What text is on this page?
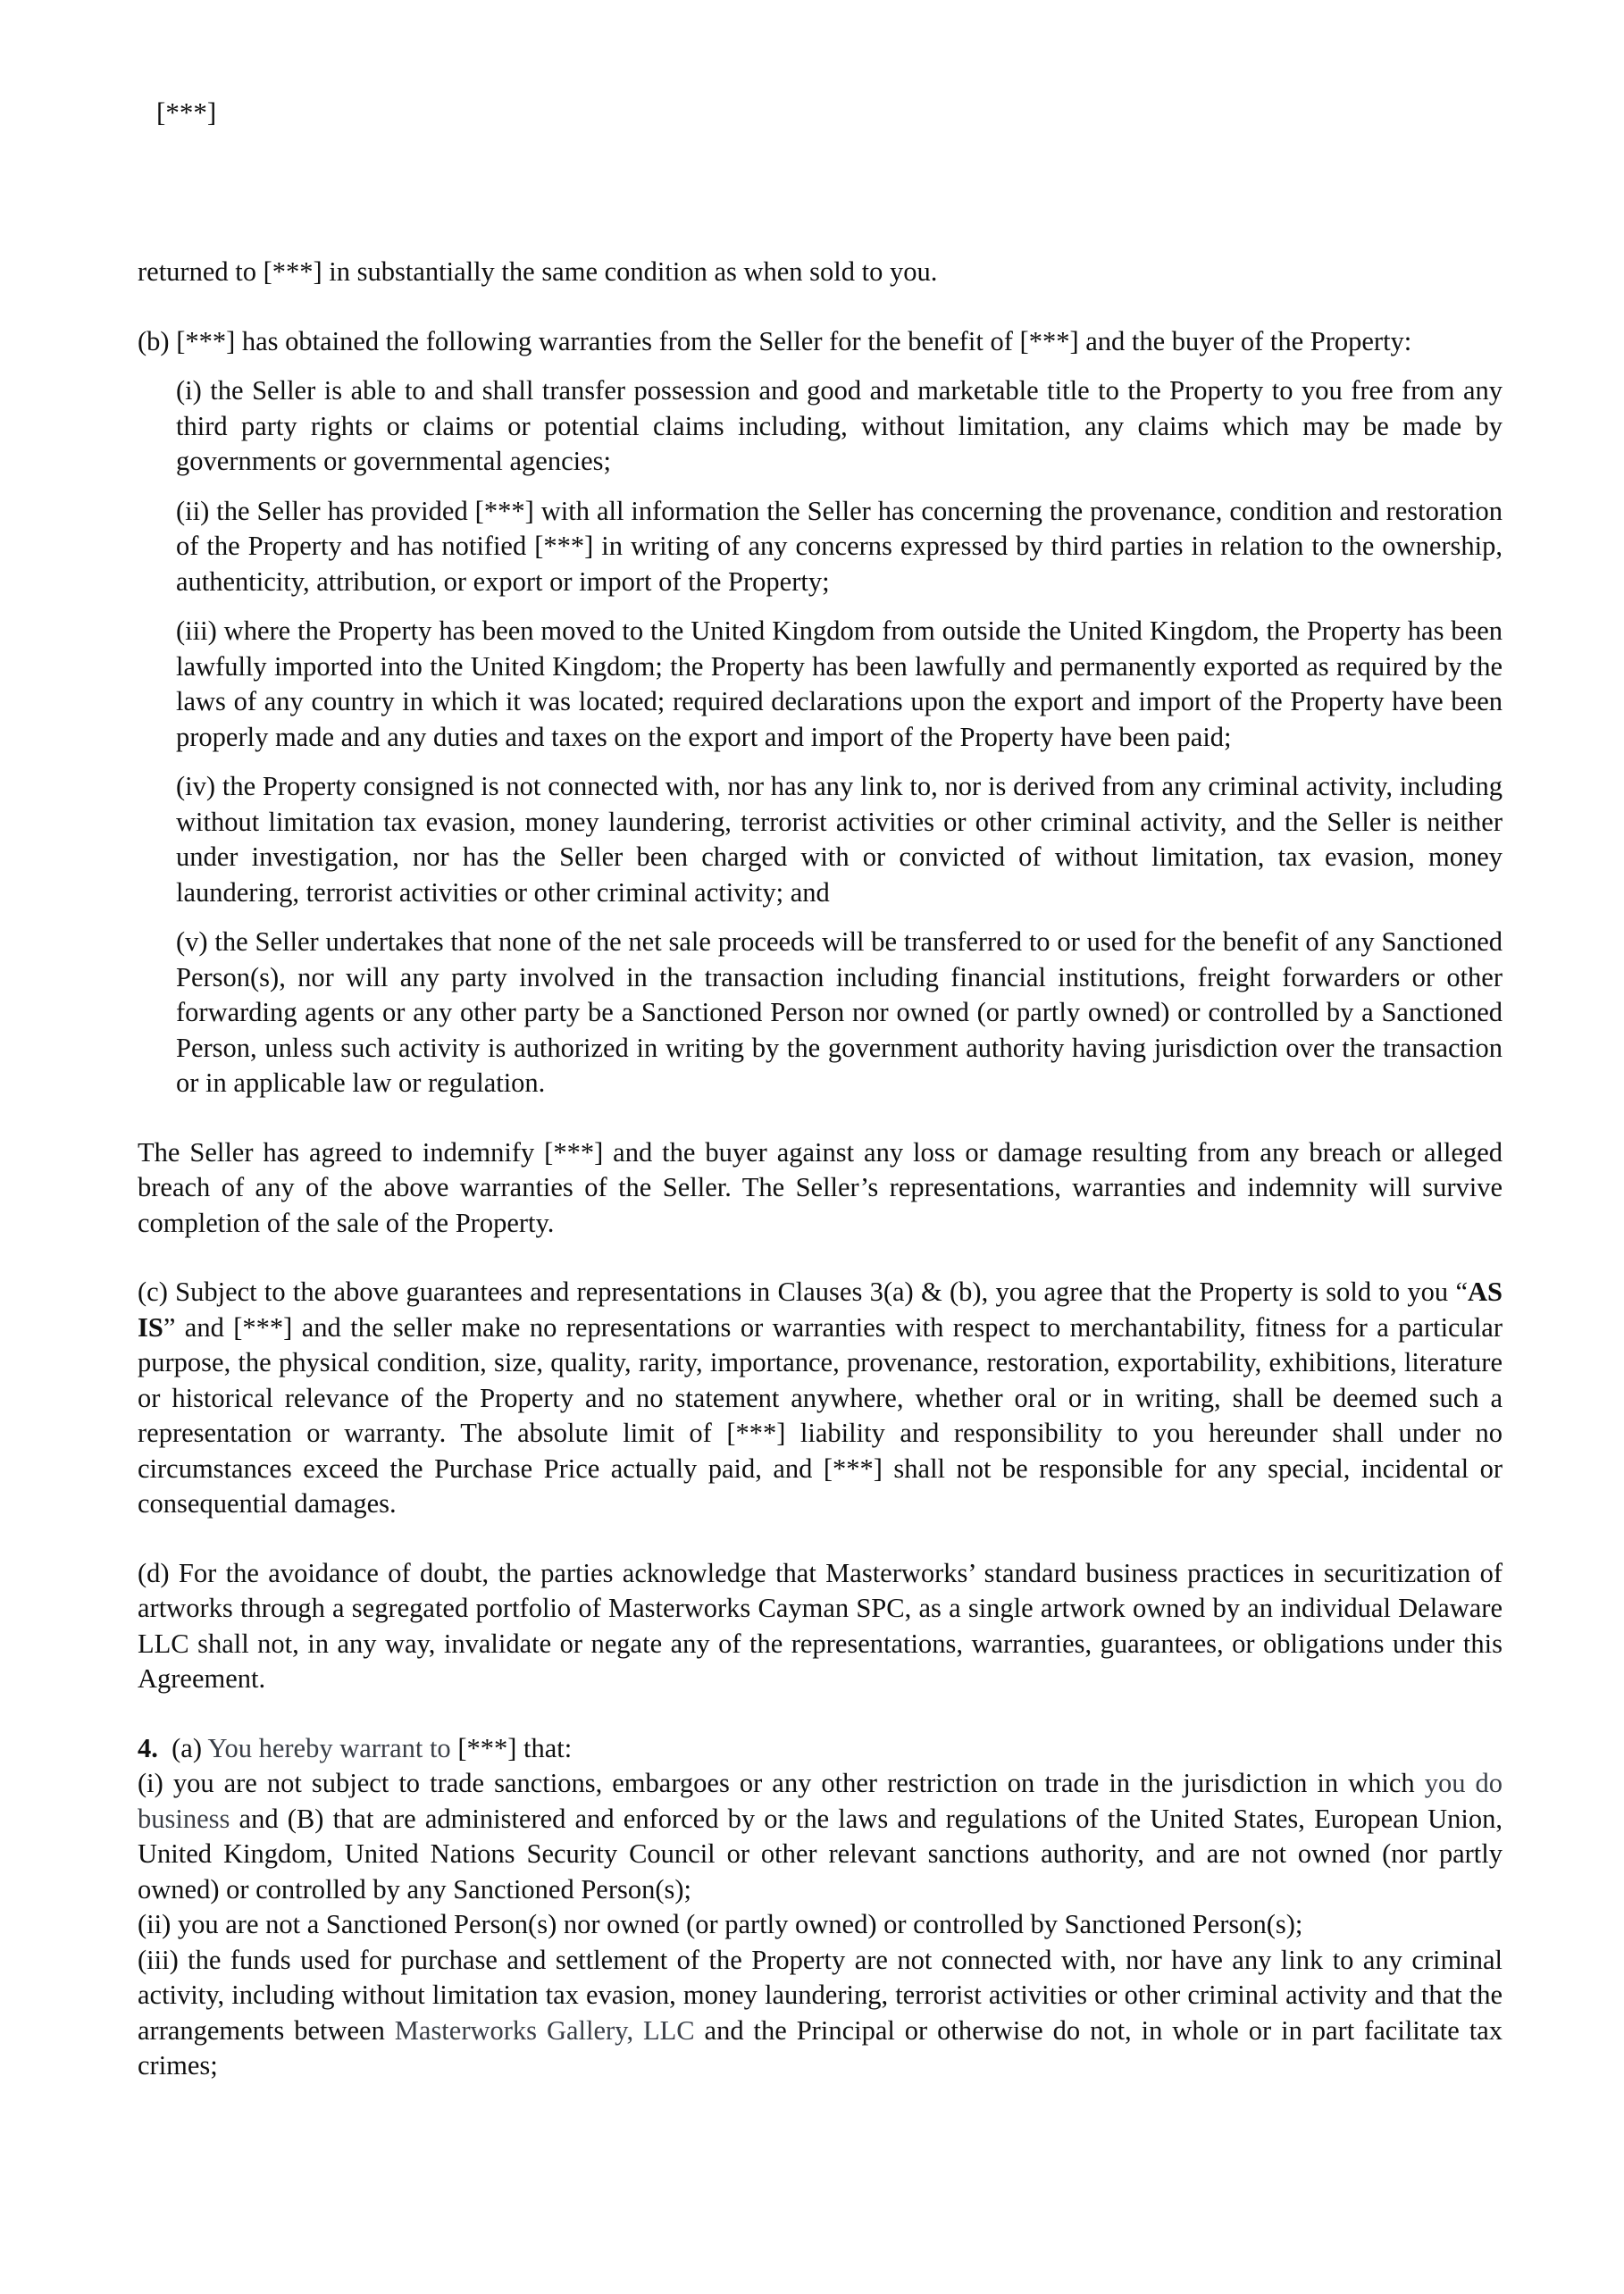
[***]

returned to [***] in substantially the same condition as when sold to you.

(b) [***] has obtained the following warranties from the Seller for the benefit of [***] and the buyer of the Property:

(i) the Seller is able to and shall transfer possession and good and marketable title to the Property to you free from any third party rights or claims or potential claims including, without limitation, any claims which may be made by governments or governmental agencies;

(ii) the Seller has provided [***] with all information the Seller has concerning the provenance, condition and restoration of the Property and has notified [***] in writing of any concerns expressed by third parties in relation to the ownership, authenticity, attribution, or export or import of the Property;

(iii) where the Property has been moved to the United Kingdom from outside the United Kingdom, the Property has been lawfully imported into the United Kingdom; the Property has been lawfully and permanently exported as required by the laws of any country in which it was located; required declarations upon the export and import of the Property have been properly made and any duties and taxes on the export and import of the Property have been paid;

(iv) the Property consigned is not connected with, nor has any link to, nor is derived from any criminal activity, including without limitation tax evasion, money laundering, terrorist activities or other criminal activity, and the Seller is neither under investigation, nor has the Seller been charged with or convicted of without limitation, tax evasion, money laundering, terrorist activities or other criminal activity; and

(v) the Seller undertakes that none of the net sale proceeds will be transferred to or used for the benefit of any Sanctioned Person(s), nor will any party involved in the transaction including financial institutions, freight forwarders or other forwarding agents or any other party be a Sanctioned Person nor owned (or partly owned) or controlled by a Sanctioned Person, unless such activity is authorized in writing by the government authority having jurisdiction over the transaction or in applicable law or regulation.

The Seller has agreed to indemnify [***] and the buyer against any loss or damage resulting from any breach or alleged breach of any of the above warranties of the Seller. The Seller’s representations, warranties and indemnity will survive completion of the sale of the Property.

(c) Subject to the above guarantees and representations in Clauses 3(a) & (b), you agree that the Property is sold to you “AS IS” and [***] and the seller make no representations or warranties with respect to merchantability, fitness for a particular purpose, the physical condition, size, quality, rarity, importance, provenance, restoration, exportability, exhibitions, literature or historical relevance of the Property and no statement anywhere, whether oral or in writing, shall be deemed such a representation or warranty. The absolute limit of [***] liability and responsibility to you hereunder shall under no circumstances exceed the Purchase Price actually paid, and [***] shall not be responsible for any special, incidental or consequential damages.

(d) For the avoidance of doubt, the parties acknowledge that Masterworks’ standard business practices in securitization of artworks through a segregated portfolio of Masterworks Cayman SPC, as a single artwork owned by an individual Delaware LLC shall not, in any way, invalidate or negate any of the representations, warranties, guarantees, or obligations under this Agreement.

4. (a) You hereby warrant to [***] that:

(i) you are not subject to trade sanctions, embargoes or any other restriction on trade in the jurisdiction in which you do business and (B) that are administered and enforced by or the laws and regulations of the United States, European Union, United Kingdom, United Nations Security Council or other relevant sanctions authority, and are not owned (nor partly owned) or controlled by any Sanctioned Person(s);

(ii) you are not a Sanctioned Person(s) nor owned (or partly owned) or controlled by Sanctioned Person(s);

(iii) the funds used for purchase and settlement of the Property are not connected with, nor have any link to any criminal activity, including without limitation tax evasion, money laundering, terrorist activities or other criminal activity and that the arrangements between Masterworks Gallery, LLC and the Principal or otherwise do not, in whole or in part facilitate tax crimes;
